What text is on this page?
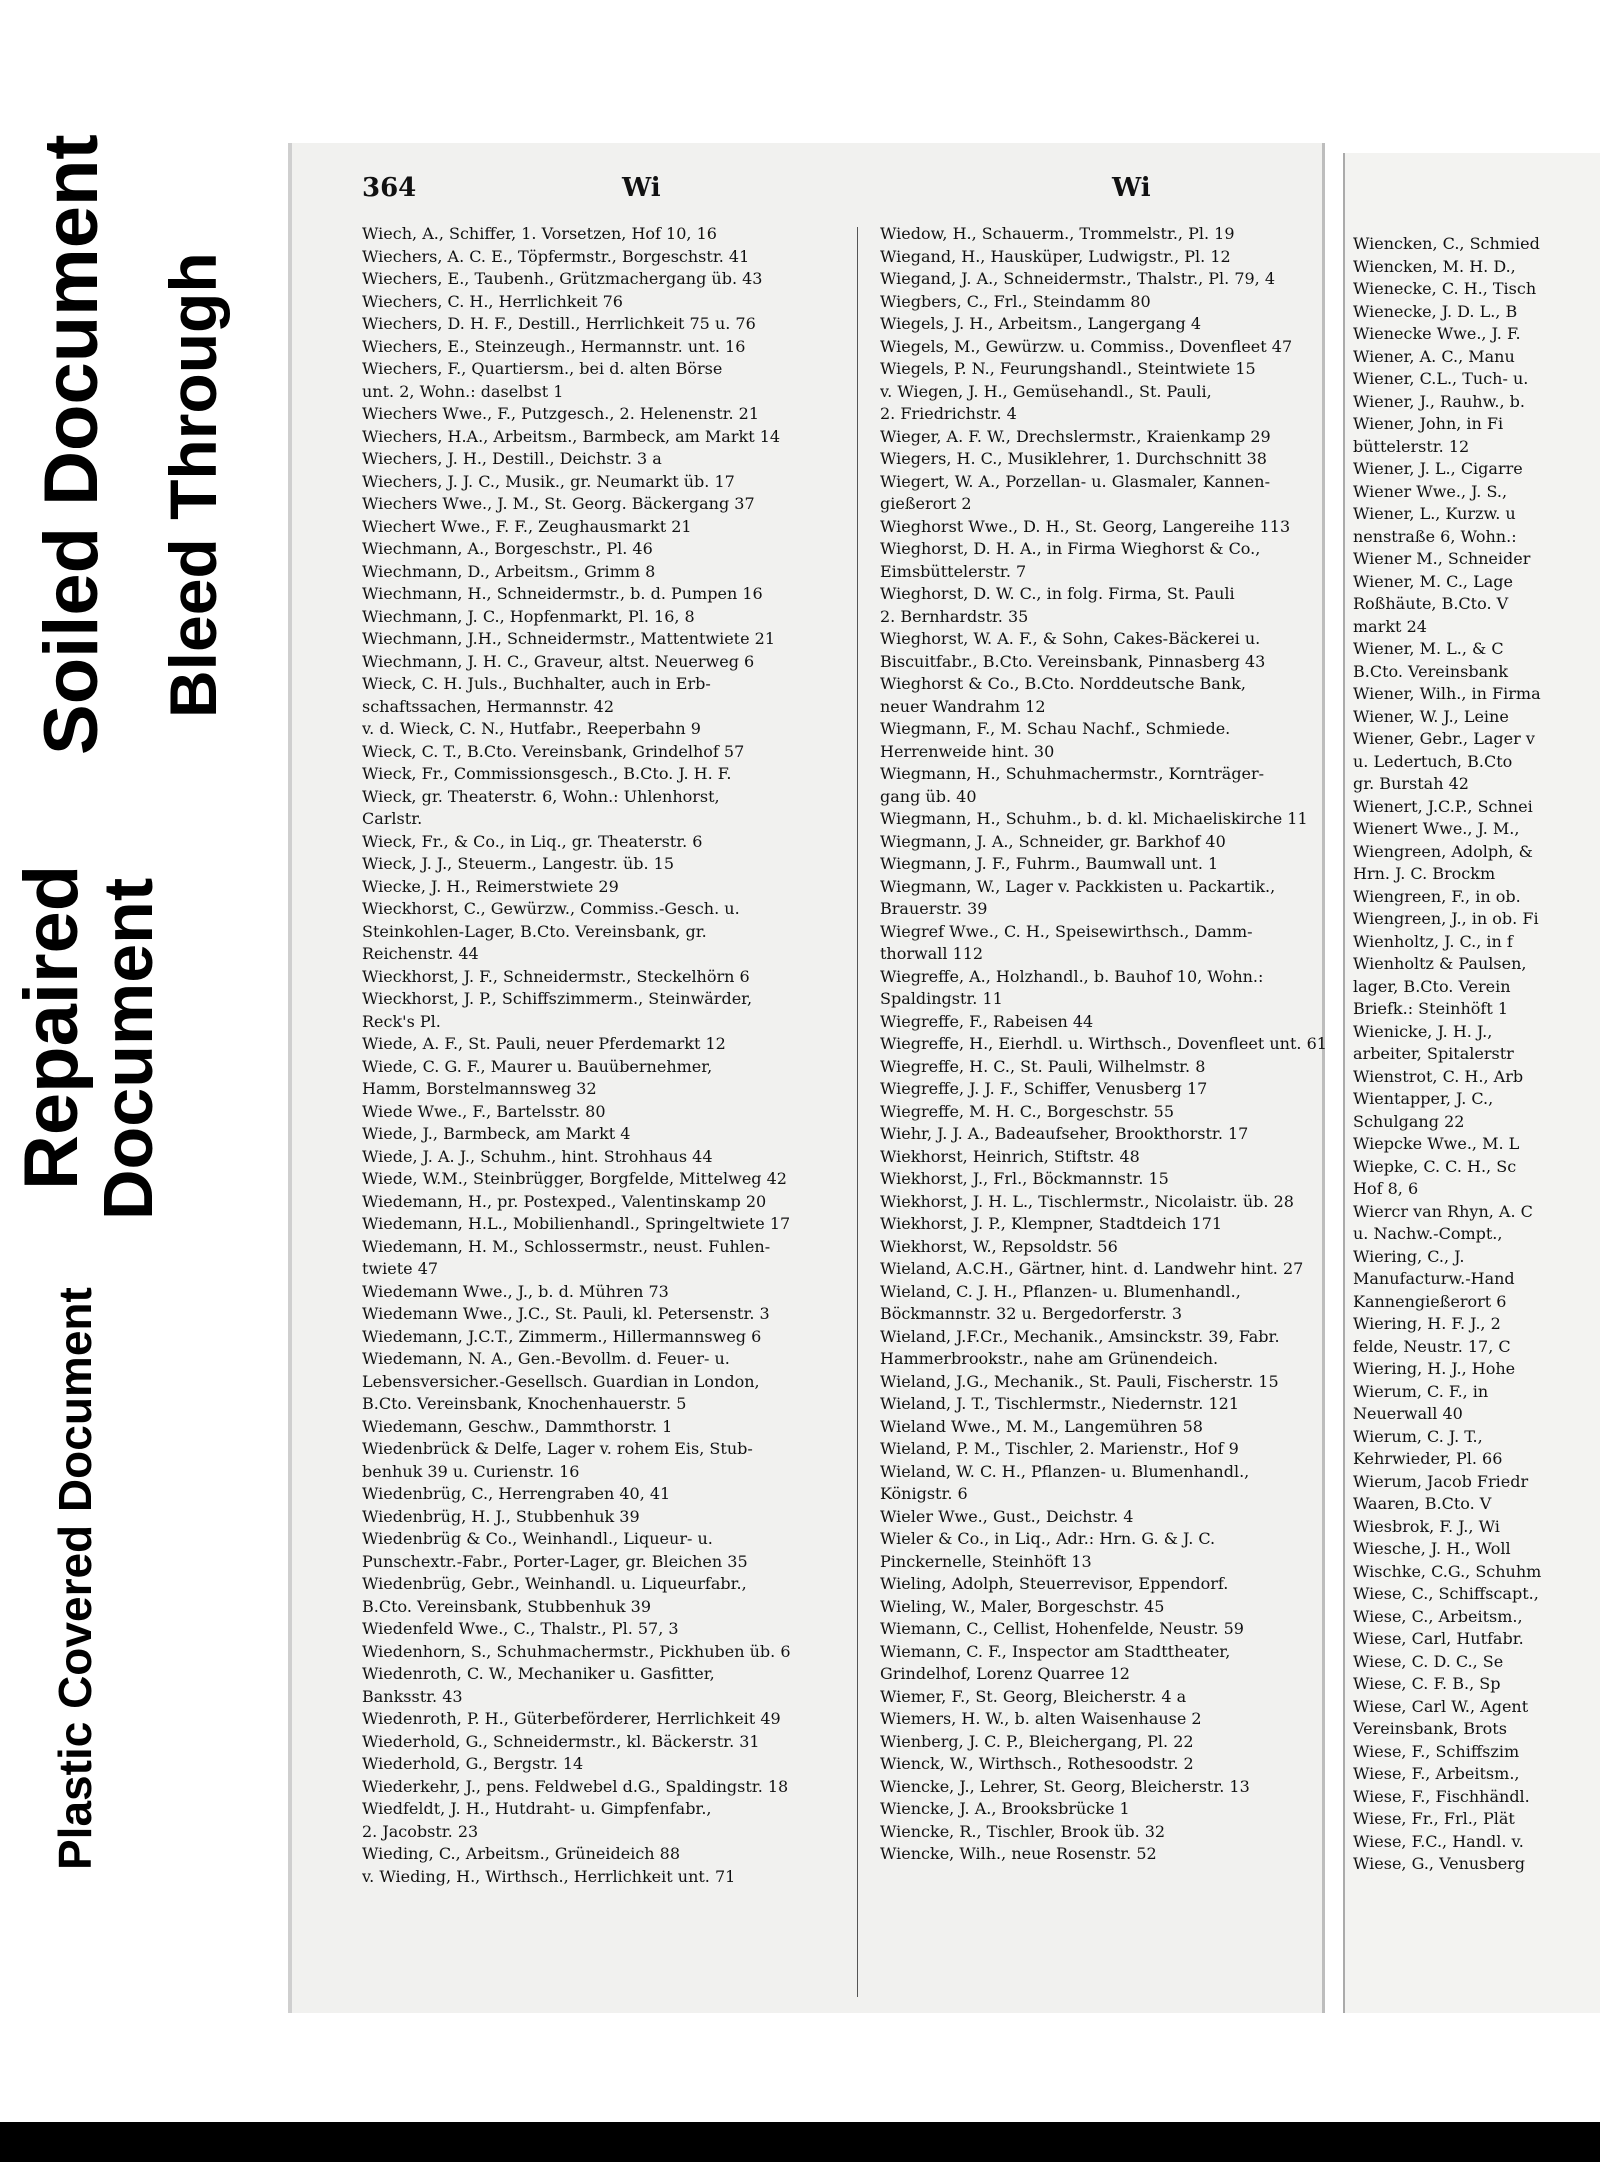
Soiled Document Bleed Through
Repaired
Document
Plastic Covered Document
364	Wi	Wi
Wiech, A., Schiffer, 1. Vorsetzen, Hof 10, 16
Wiechers, A. C. E., Töpfermstr., Borgeschstr. 41
Wiechers, E., Taubenh., Grützmachergang üb. 43
Wiechers, C. H., Herrlichkeit 76
Wiechers, D. H. F., Destill., Herrlichkeit 75 u. 76
Wiechers, E., Steinzeugh., Hermannstr. unt. 16
Wiechers, F., Quartiersm., bei d. alten Börse
unt. 2, Wohn.: daselbst 1
Wiechers Wwe., F., Putzgesch., 2. Helenenstr. 21
Wiechers, H.A., Arbeitsm., Barmbeck, am Markt 14
Wiechers, J. H., Destill., Deichstr. 3 a
Wiechers, J. J. C., Musik., gr. Neumarkt üb. 17
Wiechers Wwe., J. M., St. Georg. Bäckergang 37
Wiechert Wwe., F. F., Zeughausmarkt 21
Wiechmann, A., Borgeschstr., Pl. 46
Wiechmann, D., Arbeitsm., Grimm 8
Wiechmann, H., Schneidermstr., b. d. Pumpen 16
Wiechmann, J. C., Hopfenmarkt, Pl. 16, 8
Wiechmann, J.H., Schneidermstr., Mattentwiete 21
Wiechmann, J. H. C., Graveur, altst. Neuerweg 6
Wieck, C. H. Juls., Buchhalter, auch in Erb-
schaftssachen, Hermannstr. 42
v. d. Wieck, C. N., Hutfabr., Reeperbahn 9
Wieck, C. T., B.Cto. Vereinsbank, Grindelhof 57
Wieck, Fr., Commissionsgesch., B.Cto. J. H. F.
Wieck, gr. Theaterstr. 6, Wohn.: Uhlenhorst,
Carlstr.
Wieck, Fr., & Co., in Liq., gr. Theaterstr. 6
Wieck, J. J., Steuerm., Langestr. üb. 15
Wiecke, J. H., Reimerstwiete 29
Wieckhorst, C., Gewürzw., Commiss.-Gesch. u.
Steinkohlen-Lager, B.Cto. Vereinsbank, gr.
Reichenstr. 44
Wieckhorst, J. F., Schneidermstr., Steckelhörn 6
Wieckhorst, J. P., Schiffszimmerm., Steinwärder,
Reck's Pl.
Wiede, A. F., St. Pauli, neuer Pferdemarkt 12
Wiede, C. G. F., Maurer u. Bauübernehmer,
Hamm, Borstelmannsweg 32
Wiede Wwe., F., Bartelsstr. 80
Wiede, J., Barmbeck, am Markt 4
Wiede, J. A. J., Schuhm., hint. Strohhaus 44
Wiede, W.M., Steinbrügger, Borgfelde, Mittelweg 42
Wiedemann, H., pr. Postexped., Valentinskamp 20
Wiedemann, H.L., Mobilienhandl., Springeltwiete 17
Wiedemann, H. M., Schlossermstr., neust. Fuhlen-
twiete 47
Wiedemann Wwe., J., b. d. Mühren 73
Wiedemann Wwe., J.C., St. Pauli, kl. Petersenstr. 3
Wiedemann, J.C.T., Zimmerm., Hillermannsweg 6
Wiedemann, N. A., Gen.-Bevollm. d. Feuer- u.
Lebensversicher.-Gesellsch. Guardian in London,
B.Cto. Vereinsbank, Knochenhauerstr. 5
Wiedemann, Geschw., Dammthorstr. 1
Wiedenbrück & Delfe, Lager v. rohem Eis, Stub-
benhuk 39 u. Curienstr. 16
Wiedenbrüg, C., Herrengraben 40, 41
Wiedenbrüg, H. J., Stubbenhuk 39
Wiedenbrüg & Co., Weinhandl., Liqueur- u.
Punschextr.-Fabr., Porter-Lager, gr. Bleichen 35
Wiedenbrüg, Gebr., Weinhandl. u. Liqueurfabr.,
B.Cto. Vereinsbank, Stubbenhuk 39
Wiedenfeld Wwe., C., Thalstr., Pl. 57, 3
Wiedenhorn, S., Schuhmachermstr., Pickhuben üb. 6
Wiedenroth, C. W., Mechaniker u. Gasfitter,
Banksstr. 43
Wiedenroth, P. H., Güterbeförderer, Herrlichkeit 49
Wiederhold, G., Schneidermstr., kl. Bäckerstr. 31
Wiederhold, G., Bergstr. 14
Wiederkehr, J., pens. Feldwebel d.G., Spaldingstr. 18
Wiedfeldt, J. H., Hutdraht- u. Gimpfenfabr.,
2. Jacobstr. 23
Wieding, C., Arbeitsm., Grüneideich 88
v. Wieding, H., Wirthsch., Herrlichkeit unt. 71
Wiedow, H., Schauerm., Trommelstr., Pl. 19
Wiegand, H., Hausküper, Ludwigstr., Pl. 12
Wiegand, J. A., Schneidermstr., Thalstr., Pl. 79, 4
Wiegbers, C., Frl., Steindamm 80
Wiegels, J. H., Arbeitsm., Langergang 4
Wiegels, M., Gewürzw. u. Commiss., Dovenfleet 47
Wiegels, P. N., Feurungshandl., Steintwiete 15
v. Wiegen, J. H., Gemüsehandl., St. Pauli,
2. Friedrichstr. 4
Wieger, A. F. W., Drechslermstr., Kraienkamp 29
Wiegers, H. C., Musiklehrer, 1. Durchschnitt 38
Wiegert, W. A., Porzellan- u. Glasmaler, Kannen-
gießerort 2
Wieghorst Wwe., D. H., St. Georg, Langereihe 113
Wieghorst, D. H. A., in Firma Wieghorst & Co.,
Eimsbüttelerstr. 7
Wieghorst, D. W. C., in folg. Firma, St. Pauli
2. Bernhardstr. 35
Wieghorst, W. A. F., & Sohn, Cakes-Bäckerei u.
Biscuitfabr., B.Cto. Vereinsbank, Pinnasberg 43
Wieghorst & Co., B.Cto. Norddeutsche Bank,
neuer Wandrahm 12
Wiegmann, F., M. Schau Nachf., Schmiede.
Herrenweide hint. 30
Wiegmann, H., Schuhmachermstr., Kornträger-
gang üb. 40
Wiegmann, H., Schuhm., b. d. kl. Michaeliskirche 11
Wiegmann, J. A., Schneider, gr. Barkhof 40
Wiegmann, J. F., Fuhrm., Baumwall unt. 1
Wiegmann, W., Lager v. Packkisten u. Packartik.,
Brauerstr. 39
Wiegref Wwe., C. H., Speisewirthsch., Damm-
thorwall 112
Wiegreffe, A., Holzhandl., b. Bauhof 10, Wohn.:
Spaldingstr. 11
Wiegreffe, F., Rabeisen 44
Wiegreffe, H., Eierhdl. u. Wirthsch., Dovenfleet unt. 61
Wiegreffe, H. C., St. Pauli, Wilhelmstr. 8
Wiegreffe, J. J. F., Schiffer, Venusberg 17
Wiegreffe, M. H. C., Borgeschstr. 55
Wiehr, J. J. A., Badeaufseher, Brookthorstr. 17
Wiekhorst, Heinrich, Stiftstr. 48
Wiekhorst, J., Frl., Böckmannstr. 15
Wiekhorst, J. H. L., Tischlermstr., Nicolaistr. üb. 28
Wiekhorst, J. P., Klempner, Stadtdeich 171
Wiekhorst, W., Repsoldstr. 56
Wieland, A.C.H., Gärtner, hint. d. Landwehr hint. 27
Wieland, C. J. H., Pflanzen- u. Blumenhandl.,
Böckmannstr. 32 u. Bergedorferstr. 3
Wieland, J.F.Cr., Mechanik., Amsinckstr. 39, Fabr.
Hammerbrookstr., nahe am Grünendeich.
Wieland, J.G., Mechanik., St. Pauli, Fischerstr. 15
Wieland, J. T., Tischlermstr., Niedernstr. 121
Wieland Wwe., M. M., Langemühren 58
Wieland, P. M., Tischler, 2. Marienstr., Hof 9
Wieland, W. C. H., Pflanzen- u. Blumenhandl.,
Königstr. 6
Wieler Wwe., Gust., Deichstr. 4
Wieler & Co., in Liq., Adr.: Hrn. G. & J. C.
Pinckernelle, Steinhöft 13
Wieling, Adolph, Steuerrevisor, Eppendorf.
Wieling, W., Maler, Borgeschstr. 45
Wiemann, C., Cellist, Hohenfelde, Neustr. 59
Wiemann, C. F., Inspector am Stadttheater,
Grindelhof, Lorenz Quarree 12
Wiemer, F., St. Georg, Bleicherstr. 4 a
Wiemers, H. W., b. alten Waisenhause 2
Wienberg, J. C. P., Bleichergang, Pl. 22
Wienck, W., Wirthsch., Rothesoodstr. 2
Wiencke, J., Lehrer, St. Georg, Bleicherstr. 13
Wiencke, J. A., Brooksbrücke 1
Wiencke, R., Tischler, Brook üb. 32
Wiencke, Wilh., neue Rosenstr. 52
Wiencken, C., Schmied
Wiencken, M. H. D.,
Wienecke, C. H., Tisch
Wienecke, J. D. L., B
Wienecke Wwe., J. F.
Wiener, A. C., Manu
Wiener, C.L., Tuch- u.
Wiener, J., Rauhw., b.
Wiener, John, in Fi
büttelerstr. 12
Wiener, J. L., Cigarre
Wiener Wwe., J. S.,
Wiener, L., Kurzw. u
nenstraße 6, Wohn.:
Wiener M., Schneider
Wiener, M. C., Lage
Roßhäute, B.Cto. V
markt 24
Wiener, M. L., & C
B.Cto. Vereinsbank
Wiener, Wilh., in Firma
Wiener, W. J., Leine
Wiener, Gebr., Lager v
u. Ledertuch, B.Cto
gr. Burstah 42
Wienert, J.C.P., Schnei
Wienert Wwe., J. M.,
Wiengreen, Adolph, &
Hrn. J. C. Brockm
Wiengreen, F., in ob.
Wiengreen, J., in ob. Fi
Wienholtz, J. C., in f
Wienholtz & Paulsen,
lager, B.Cto. Verein
Briefk.: Steinhöft 1
Wienicke, J. H. J.,
arbeiter, Spitalerstr
Wienstrot, C. H., Arb
Wientapper, J. C.,
Schulgang 22
Wiepcke Wwe., M. L
Wiepke, C. C. H., Sc
Hof 8, 6
Wiercr van Rhyn, A. C
u. Nachw.-Compt.,
Wiering, C., J.
Manufacturw.-Hand
Kannengießerort 6
Wiering, H. F. J., 2
felde, Neustr. 17, C
Wiering, H. J., Hohe
Wierum, C. F., in
Neuerwall 40
Wierum, C. J. T.,
Kehrwieder, Pl. 66
Wierum, Jacob Friedr
Waaren, B.Cto. V
Wiesbrok, F. J., Wi
Wiesche, J. H., Woll
Wischke, C.G., Schuhm
Wiese, C., Schiffscapt.,
Wiese, C., Arbeitsm.,
Wiese, Carl, Hutfabr.
Wiese, C. D. C., Se
Wiese, C. F. B., Sp
Wiese, Carl W., Agent
Vereinsbank, Brots
Wiese, F., Schiffszim
Wiese, F., Arbeitsm.,
Wiese, F., Fischhändl.
Wiese, Fr., Frl., Plät
Wiese, F.C., Handl. v.
Wiese, G., Venusberg
